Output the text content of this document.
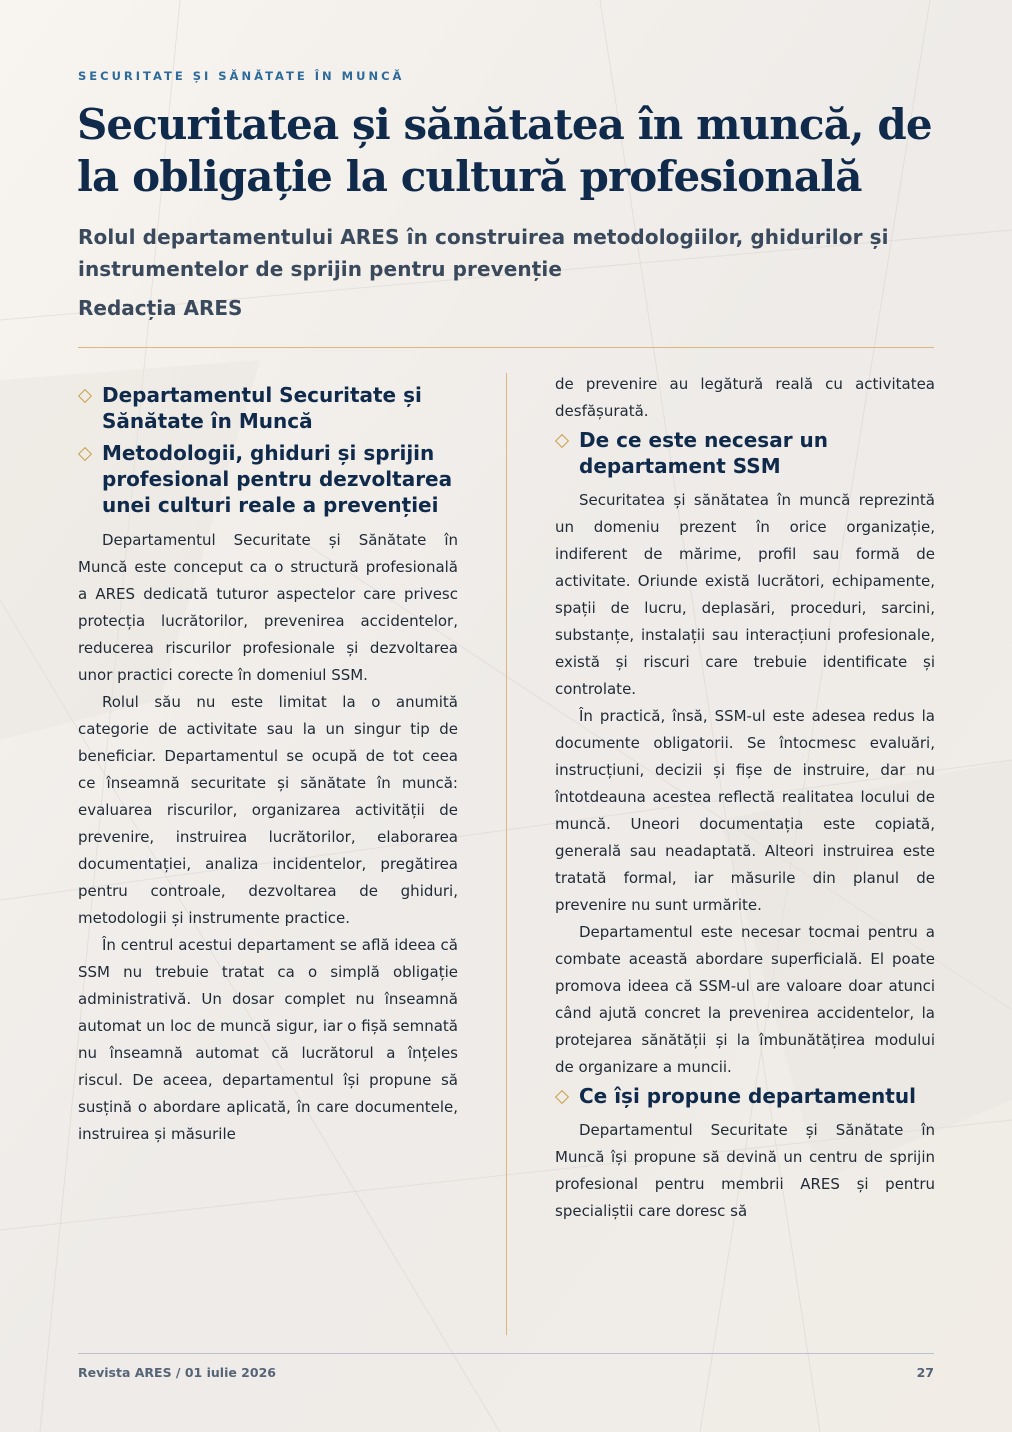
SECURITATE ȘI SĂNĂTATE ÎN MUNCĂ
Securitatea și sănătatea în muncă, de la obligație la cultură profesională
Rolul departamentului ARES în construirea metodologiilor, ghidurilor și instrumentelor de sprijin pentru prevenție
Redacția ARES
Departamentul Securitate și Sănătate în Muncă
Metodologii, ghiduri și sprijin profesional pentru dezvoltarea unei culturi reale a prevenției

Departamentul Securitate și Sănătate în Muncă este conceput ca o structură profesională a ARES dedicată tuturor aspectelor care privesc protecția lucrătorilor, prevenirea accidentelor, reducerea riscurilor profesionale și dezvoltarea unor practici corecte în domeniul SSM.

Rolul său nu este limitat la o anumită categorie de activitate sau la un singur tip de beneficiar. Departamentul se ocupă de tot ceea ce înseamnă securitate și sănătate în muncă: evaluarea riscurilor, organizarea activității de prevenire, instruirea lucrătorilor, elaborarea documentației, analiza incidentelor, pregătirea pentru controale, dezvoltarea de ghiduri, metodologii și instrumente practice.

În centrul acestui departament se află ideea că SSM nu trebuie tratat ca o simplă obligație administrativă. Un dosar complet nu înseamnă automat un loc de muncă sigur, iar o fișă semnată nu înseamnă automat că lucrătorul a înțeles riscul. De aceea, departamentul își propune să susțină o abordare aplicată, în care documentele, instruirea și măsurile

de prevenire au legătură reală cu activitatea desfășurată.

De ce este necesar un departament SSM

Securitatea și sănătatea în muncă reprezintă un domeniu prezent în orice organizație, indiferent de mărime, profil sau formă de activitate. Oriunde există lucrători, echipamente, spații de lucru, deplasări, proceduri, sarcini, substanțe, instalații sau interacțiuni profesionale, există și riscuri care trebuie identificate și controlate.

În practică, însă, SSM-ul este adesea redus la documente obligatorii. Se întocmesc evaluări, instrucțiuni, decizii și fișe de instruire, dar nu întotdeauna acestea reflectă realitatea locului de muncă. Uneori documentația este copiată, generală sau neadaptată. Alteori instruirea este tratată formal, iar măsurile din planul de prevenire nu sunt urmărite.

Departamentul este necesar tocmai pentru a combate această abordare superficială. El poate promova ideea că SSM-ul are valoare doar atunci când ajută concret la prevenirea accidentelor, la protejarea sănătății și la îmbunătățirea modului de organizare a muncii.

Ce își propune departamentul

Departamentul Securitate și Sănătate în Muncă își propune să devină un centru de sprijin profesional pentru membrii ARES și pentru specialiștii care doresc să

Revista ARES / 01 iulie 2026	27
